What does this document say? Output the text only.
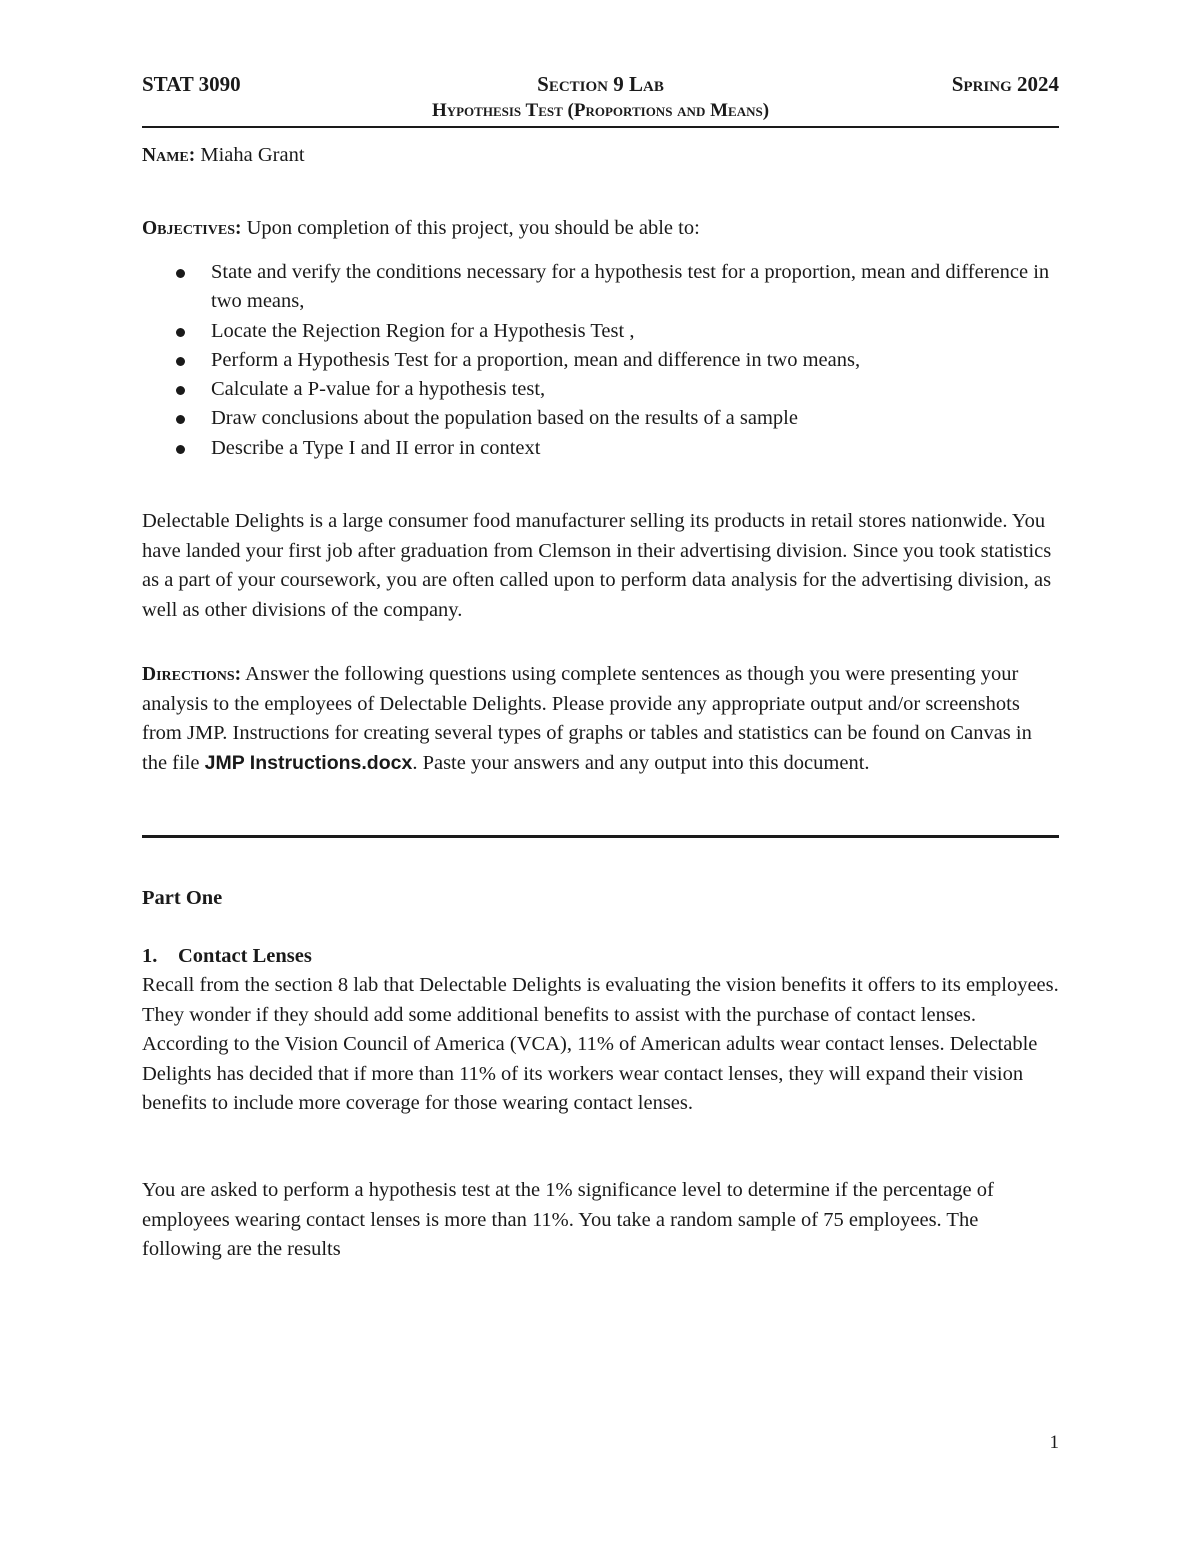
STAT 3090	Section 9 Lab	Spring 2024
Hypothesis Test (Proportions and Means)
Name: Miaha Grant
Objectives: Upon completion of this project, you should be able to:
State and verify the conditions necessary for a hypothesis test for a proportion, mean and difference in two means,
Locate the Rejection Region for a Hypothesis Test ,
Perform a Hypothesis Test for a proportion, mean and difference in two means,
Calculate a P-value for a hypothesis test,
Draw conclusions about the population based on the results of a sample
Describe a Type I and II error in context
Delectable Delights is a large consumer food manufacturer selling its products in retail stores nationwide. You have landed your first job after graduation from Clemson in their advertising division. Since you took statistics as a part of your coursework, you are often called upon to perform data analysis for the advertising division, as well as other divisions of the company.
Directions: Answer the following questions using complete sentences as though you were presenting your analysis to the employees of Delectable Delights. Please provide any appropriate output and/or screenshots from JMP. Instructions for creating several types of graphs or tables and statistics can be found on Canvas in the file JMP Instructions.docx. Paste your answers and any output into this document.
Part One
1. Contact Lenses
Recall from the section 8 lab that Delectable Delights is evaluating the vision benefits it offers to its employees. They wonder if they should add some additional benefits to assist with the purchase of contact lenses. According to the Vision Council of America (VCA), 11% of American adults wear contact lenses. Delectable Delights has decided that if more than 11% of its workers wear contact lenses, they will expand their vision benefits to include more coverage for those wearing contact lenses.
You are asked to perform a hypothesis test at the 1% significance level to determine if the percentage of employees wearing contact lenses is more than 11%. You take a random sample of 75 employees. The following are the results
1
